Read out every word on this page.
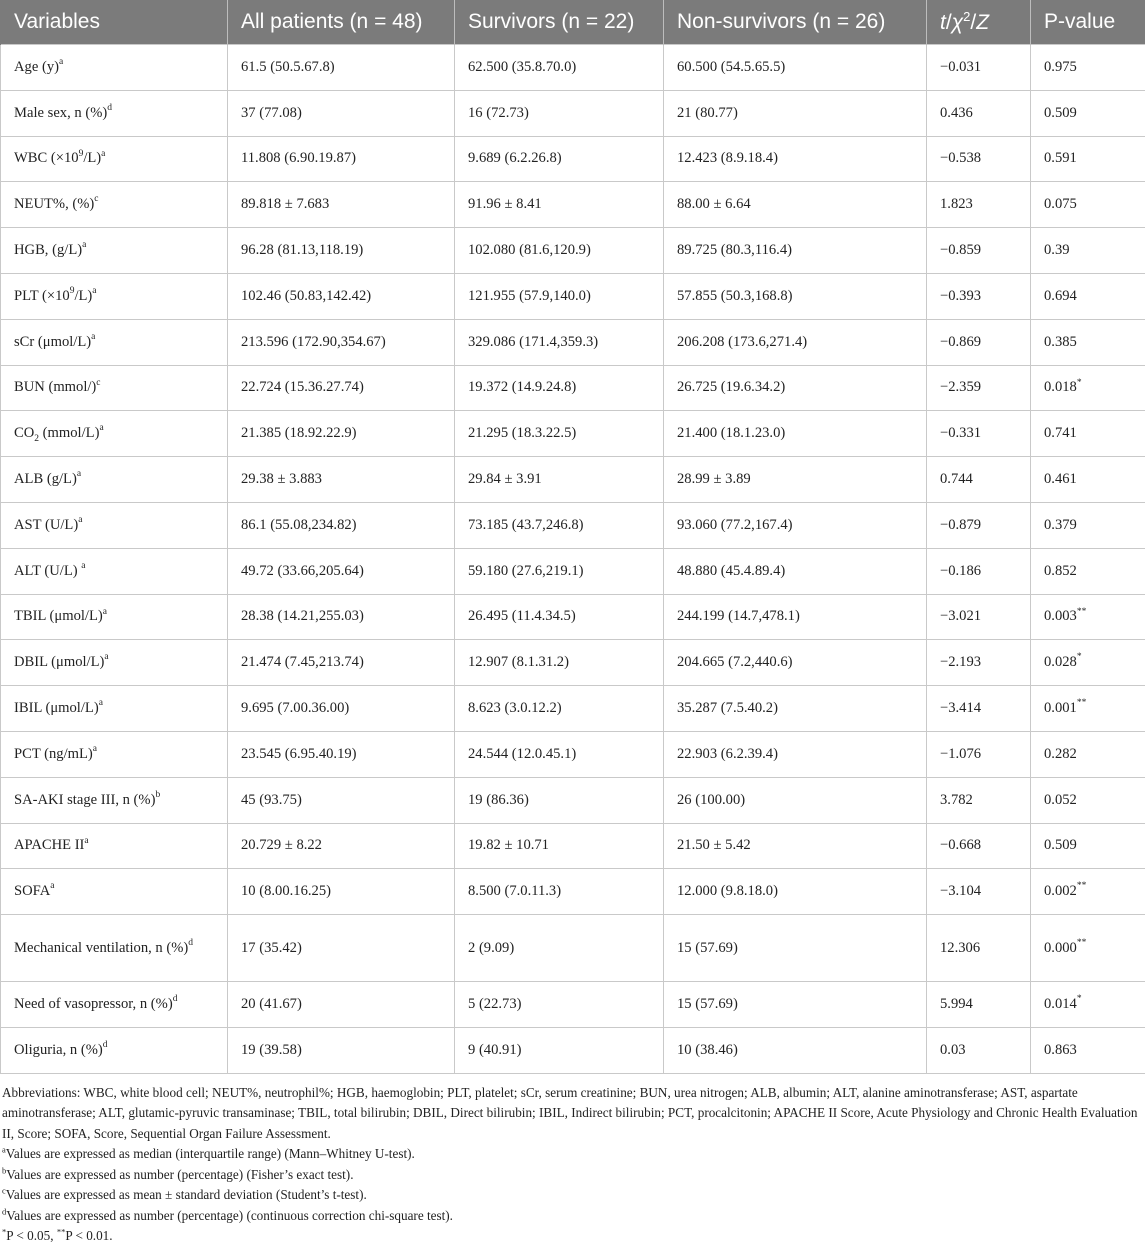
Variables	All patients (n = 48)	Survivors (n = 22)	Non-survivors (n = 26)	$t/\chi^2/Z$	P-value
Age $(y)^a$	61.5 (50.5.67.8)	62.500 (35.8.70.0)	60.500 (54.5.65.5)	−0.031	0.975
Male sex, n (%)$^d$	37 (77.08)	16 (72.73)	21 (80.77)	0.436	0.509
WBC $(\times 10^9/L)^a$	11.808 (6.90.19.87)	9.689 (6.2.26.8)	12.423 (8.9.18.4)	−0.538	0.591
NEUT%, (%)$^c$	89.818 ± 7.683	91.96 ± 8.41	88.00 ± 6.64	1.823	0.075
HGB, $(g/L)^a$	96.28 (81.13,118.19)	102.080 (81.6,120.9)	89.725 (80.3,116.4)	−0.859	0.39
PLT $(\times 10^9/L)^a$	102.46 (50.83,142.42)	121.955 (57.9,140.0)	57.855 (50.3,168.8)	−0.393	0.694
sCr $(\mu mol/L)^a$	213.596 (172.90,354.67)	329.086 (171.4,359.3)	206.208 (173.6,271.4)	−0.869	0.385
BUN (mmol/)$^c$	22.724 (15.36.27.74)	19.372 (14.9.24.8)	26.725 (19.6.34.2)	−2.359	0.018*
$CO_2$ (mmol/L)$^a$	21.385 (18.92.22.9)	21.295 (18.3.22.5)	21.400 (18.1.23.0)	−0.331	0.741
ALB $(g/L)^a$	29.38 ± 3.883	29.84 ± 3.91	28.99 ± 3.89	0.744	0.461
AST $(U/L)^a$	86.1 (55.08,234.82)	73.185 (43.7,246.8)	93.060 (77.2,167.4)	−0.879	0.379
ALT (U/L) $^a$	49.72 (33.66,205.64)	59.180 (27.6,219.1)	48.880 (45.4.89.4)	−0.186	0.852
TBIL $(\mu mol/L)^a$	28.38 (14.21,255.03)	26.495 (11.4.34.5)	244.199 (14.7,478.1)	−3.021	0.003**
DBIL $(\mu mol/L)^a$	21.474 (7.45,213.74)	12.907 (8.1.31.2)	204.665 (7.2,440.6)	−2.193	0.028*
IBIL $(\mu mol/L)^a$	9.695 (7.00.36.00)	8.623 (3.0.12.2)	35.287 (7.5.40.2)	−3.414	0.001**
PCT $(ng/mL)^a$	23.545 (6.95.40.19)	24.544 (12.0.45.1)	22.903 (6.2.39.4)	−1.076	0.282
SA-AKI stage III, n (%)$^b$	45 (93.75)	19 (86.36)	26 (100.00)	3.782	0.052
APACHE $II^a$	20.729 ± 8.22	19.82 ± 10.71	21.50 ± 5.42	−0.668	0.509
SOFA$^a$	10 (8.00.16.25)	8.500 (7.0.11.3)	12.000 (9.8.18.0)	−3.104	0.002**
Mechanical ventilation, n (%)$^d$	17 (35.42)	2 (9.09)	15 (57.69)	12.306	0.000**
Need of vasopressor, n (%)$^d$	20 (41.67)	5 (22.73)	15 (57.69)	5.994	0.014*
Oliguria, n (%)$^d$	19 (39.58)	9 (40.91)	10 (38.46)	0.03	0.863
Abbreviations: WBC, white blood cell; NEUT%, neutrophil%; HGB, haemoglobin; PLT, platelet; sCr, serum creatinine; BUN, urea nitrogen; ALB, albumin; ALT, alanine aminotransferase; AST, aspartate aminotransferase; ALT, glutamic-pyruvic transaminase; TBIL, total bilirubin; DBIL, Direct bilirubin; IBIL, Indirect bilirubin; PCT, procalcitonin; APACHE II Score, Acute Physiology and Chronic Health Evaluation II, Score; SOFA, Score, Sequential Organ Failure Assessment.
$^a$Values are expressed as median (interquartile range) (Mann–Whitney U-test).
$^b$Values are expressed as number (percentage) (Fisher’s exact test).
$^c$Values are expressed as mean ± standard deviation (Student’s t-test).
$^d$Values are expressed as number (percentage) (continuous correction chi-square test).
*P < 0.05, **P < 0.01.
